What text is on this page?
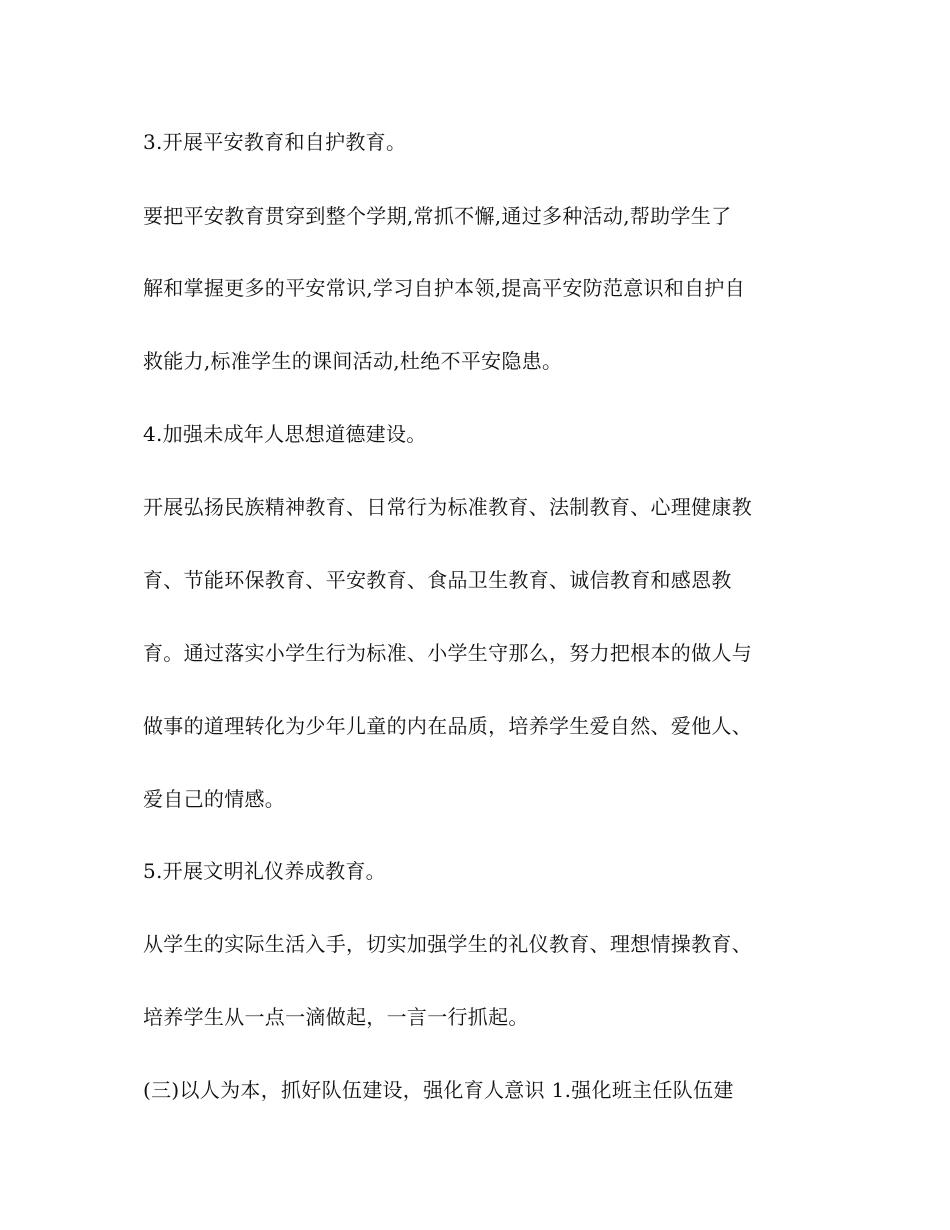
3.开展平安教育和自护教育。
要把平安教育贯穿到整个学期,常抓不懈,通过多种活动,帮助学生了
解和掌握更多的平安常识,学习自护本领,提高平安防范意识和自护自
救能力,标准学生的课间活动,杜绝不平安隐患。
4.加强未成年人思想道德建设。
开展弘扬民族精神教育、日常行为标准教育、法制教育、心理健康教
育、节能环保教育、平安教育、食品卫生教育、诚信教育和感恩教
育。通过落实小学生行为标准、小学生守那么，努力把根本的做人与
做事的道理转化为少年儿童的内在品质，培养学生爱自然、爱他人、
爱自己的情感。
5.开展文明礼仪养成教育。
从学生的实际生活入手，切实加强学生的礼仪教育、理想情操教育、
培养学生从一点一滴做起，一言一行抓起。
(三)以人为本，抓好队伍建设，强化育人意识 1.强化班主任队伍建
